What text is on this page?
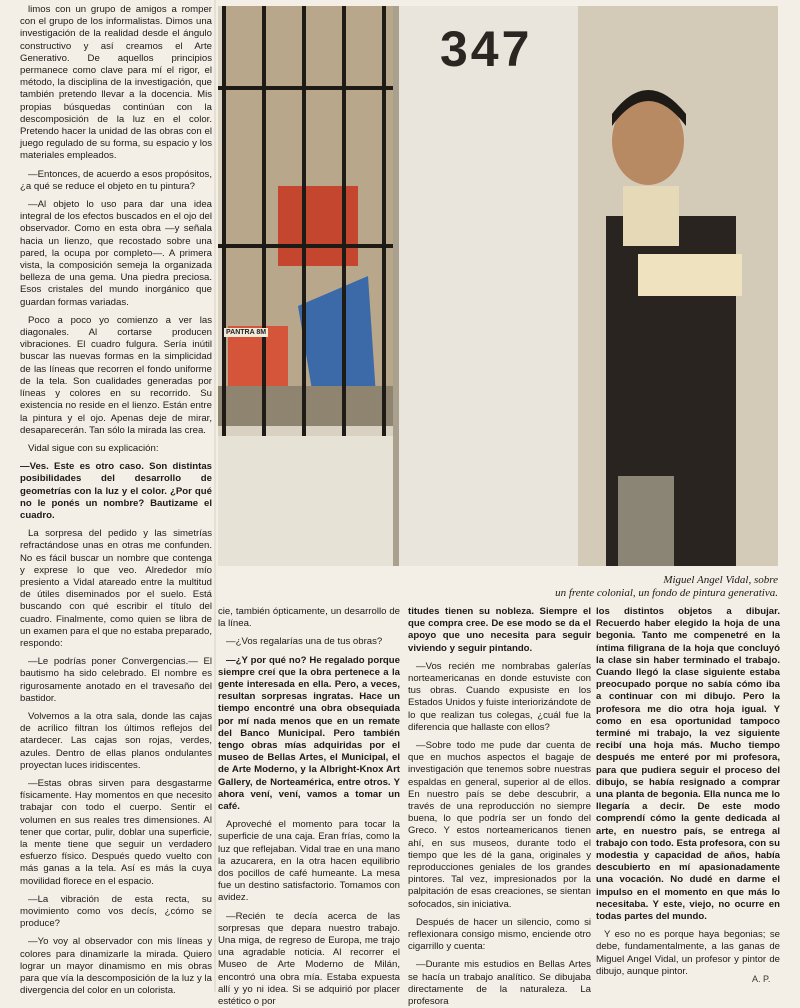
limos con un grupo de amigos a romper con el grupo de los informalistas. Dimos una investigación de la realidad desde el ángulo constructivo y así creamos el Arte Generativo. De aquellos principios permanece como clave para mí el rigor, el método, la disciplina de la investigación, que también pretendo llevar a la docencia. Mis propias búsquedas continúan con la descomposición de la luz en el color. Pretendo hacer la unidad de las obras con el juego regulado de su forma, su espacio y los materiales empleados.

—Entonces, de acuerdo a esos propósitos, ¿a qué se reduce el objeto en tu pintura?

—Al objeto lo uso para dar una idea integral de los efectos buscados en el ojo del observador. Como en esta obra —y señala hacia un lienzo, que recostado sobre una pared, la ocupa por completo—. A primera vista, la composición semeja la organizada belleza de una gema. Una piedra preciosa. Esos cristales del mundo inorgánico que guardan formas variadas.

Poco a poco yo comienzo a ver las diagonales. Al cortarse producen vibraciones. El cuadro fulgura. Sería inútil buscar las nuevas formas en la simplicidad de las líneas que recorren el fondo uniforme de la tela. Son cualidades generadas por líneas y colores en su recorrido. Su existencia no reside en el lienzo. Están entre la pintura y el ojo. Apenas deje de mirar, desaparecerán. Tan sólo la mirada las crea.

Vidal sigue con su explicación:

—Ves. Este es otro caso. Son distintas posibilidades del desarrollo de geometrías con la luz y el color. ¿Por qué no le ponés un nombre? Bautizame el cuadro.

La sorpresa del pedido y las simetrías refractándose unas en otras me confunden. No es fácil buscar un nombre que contenga y exprese lo que veo. Alrededor mío presiento a Vidal atareado entre la multitud de útiles diseminados por el suelo. Está buscando con qué escribir el título del cuadro. Finalmente, como quien se libra de un examen para el que no estaba preparado, respondo:

—Le podrías poner Convergencias.— El bautismo ha sido celebrado. El nombre es rigurosamente anotado en el travesaño del bastidor.

Volvemos a la otra sala, donde las cajas de acrílico filtran los últimos reflejos del atardecer. Las cajas son rojas, verdes, azules. Dentro de ellas planos ondulantes proyectan luces iridiscentes.

—Estas obras sirven para desgastarme físicamente. Hay momentos en que necesito trabajar con todo el cuerpo. Sentir el volumen en sus reales tres dimensiones. Al tener que cortar, pulir, doblar una superficie, la mente tiene que seguir un verdadero esfuerzo físico. Después quedo vuelto con más ganas a la tela. Así es más la cuya movilidad florece en el espacio.

—La vibración de esta recta, su movimiento como vos decís, ¿cómo se produce?

—Yo voy al observador con mis líneas y colores para dinamizarle la mirada. Quiero lograr un mayor dinamismo en mis obras para que vía la descomposición de la luz y la divergencia del color en un colorista.

347
PANTRA 8M
Miguel Angel Vidal, sobre
un frente colonial, un fondo de pintura generativa.

cie, también ópticamente, un desarrollo de la línea.

—¿Vos regalarías una de tus obras?

—¿Y por qué no? He regalado porque siempre creí que la obra pertenece a la gente interesada en ella. Pero, a veces, resultan sorpresas ingratas. Hace un tiempo encontré una obra obsequiada por mí nada menos que en un remate del Banco Municipal. Pero también tengo obras mías adquiridas por el museo de Bellas Artes, el Municipal, el de Arte Moderno, y la Albright-Knox Art Gallery, de Norteamérica, entre otros. Y ahora vení, vení, vamos a tomar un café.

Aproveché el momento para tocar la superficie de una caja. Eran frías, como la luz que reflejaban. Vidal trae en una mano la azucarera, en la otra hacen equilibrio dos pocillos de café humeante. La mesa fue un destino satisfactorio. Tomamos con avidez.

—Recién te decía acerca de las sorpresas que depara nuestro trabajo. Una miga, de regreso de Europa, me trajo una agradable noticia. Al recorrer el Museo de Arte Moderno de Milán, encontró una obra mía. Estaba expuesta allí y yo ni idea. Si se adquirió por placer estético o por

titudes tienen su nobleza. Siempre el que compra cree. De ese modo se da el apoyo que uno necesita para seguir viviendo y seguir pintando.

—Vos recién me nombrabas galerías norteamericanas en donde estuviste con tus obras. Cuando expusiste en los Estados Unidos y fuiste interiorizándote de lo que realizan tus colegas, ¿cuál fue la diferencia que hallaste con ellos?

—Sobre todo me pude dar cuenta de que en muchos aspectos el bagaje de investigación que tenemos sobre nuestras espaldas en general, superior al de ellos. En nuestro país se debe descubrir, a través de una reproducción no siempre buena, lo que podría ser un fondo del Greco. Y estos norteamericanos tienen ahí, en sus museos, durante todo el tiempo que les dé la gana, originales y reproducciones geniales de los grandes pintores. Tal vez, impresionados por la palpitación de esas creaciones, se sientan sofocados, sin iniciativa.

Después de hacer un silencio, como si reflexionara consigo mismo, enciende otro cigarrillo y cuenta:

—Durante mis estudios en Bellas Artes se hacía un trabajo analítico. Se dibujaba directamente de la naturaleza. La profesora

los distintos objetos a dibujar. Recuerdo haber elegido la hoja de una begonia. Tanto me compenetré en la íntima filigrana de la hoja que concluyó la clase sin haber terminado el trabajo. Cuando llegó la clase siguiente estaba preocupado porque no sabía cómo iba a continuar con mi dibujo. Pero la profesora me dio otra hoja igual. Y como en esa oportunidad tampoco terminé mi trabajo, la vez siguiente recibí una hoja más. Mucho tiempo después me enteré por mi profesora, para que pudiera seguir el proceso del dibujo, se había resignado a comprar una planta de begonia. Ella nunca me lo llegaría a decir. De este modo comprendí cómo la gente dedicada al arte, en nuestro país, se entrega al trabajo con todo. Esta profesora, con su modestia y capacidad de años, había descubierto en mí apasionadamente una vocación. No dudé en darme el impulso en el momento en que más lo necesitaba. Y este, viejo, no ocurre en todas partes del mundo.

Y eso no es porque haya begonias; se debe, fundamentalmente, a las ganas de Miguel Angel Vidal, un profesor y pintor de dibujo, aunque pintor.

A. P.
